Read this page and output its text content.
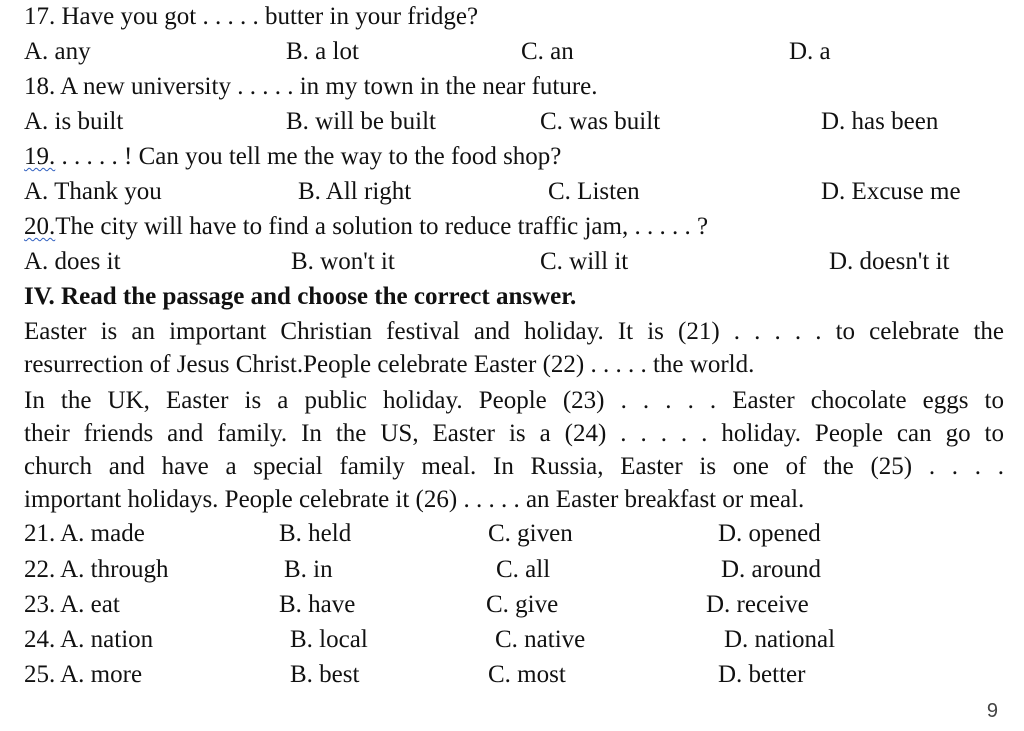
17. Have you got . . . . . butter in your fridge?
A. any	B. a lot	C. an	D. a
18. A new university . . . . . in my town in the near future.
A. is built	B. will be built	C. was built	D. has been
19. . . . . . ! Can you tell me the way to the food shop?
A. Thank you	B. All right	C. Listen	D. Excuse me
20.The city will have to find a solution to reduce traffic jam, . . . . . ?
A. does it	B. won't it	C. will it	D. doesn't it
IV. Read the passage and choose the correct answer.
Easter is an important Christian festival and holiday. It is (21) . . . . . to celebrate the
resurrection of Jesus Christ.People celebrate Easter (22) . . . . . the world.
In the UK, Easter is a public holiday. People (23) . . . . . Easter chocolate eggs to
their friends and family. In the US, Easter is a (24) . . . . . holiday. People can go to
church and have a special family meal. In Russia, Easter is one of the (25) . . . .
important holidays. People celebrate it (26) . . . . . an Easter breakfast or meal.
21. A. made	B. held	C. given	D. opened
22. A. through	B. in	C. all	D. around
23. A. eat	B. have	C. give	D. receive
24. A. nation	B. local	C. native	D. national
25. A. more	B. best	C. most	D. better
9
